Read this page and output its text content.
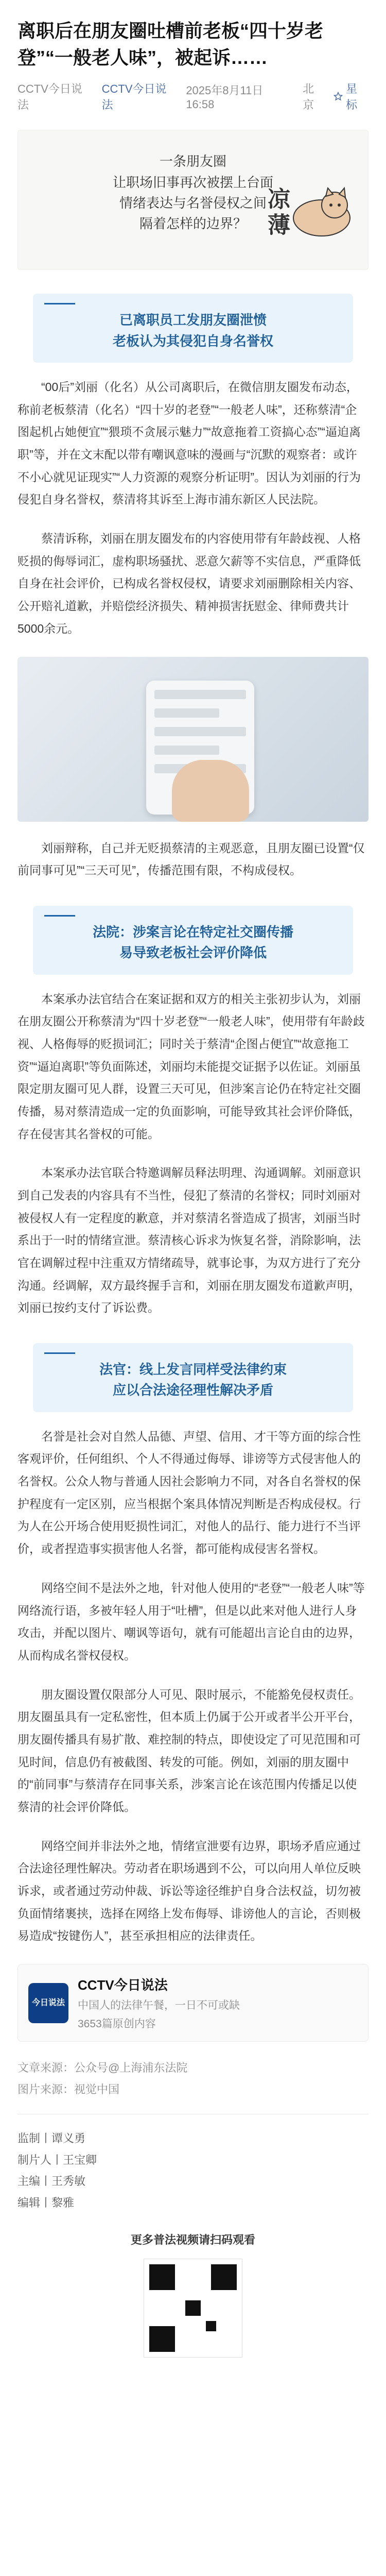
离职后在朋友圈吐槽前老板“四十岁老登”“一般老人味”，被起诉……
CCTV今日说法
CCTV今日说法
2025年8月11日 16:58
北京
星标
一条朋友圈
让职场旧事再次被摆上台面
情绪表达与名誉侵权之间
隔着怎样的边界？ 凉薄
已离职员工发朋友圈泄愤
老板认为其侵犯自身名誉权

“00后”刘丽（化名）从公司离职后，在微信朋友圈发布动态，称前老板蔡清（化名）“四十岁的老登”“一般老人味”，还称蔡清“企图起机占她便宜”“猥琐不贪展示魅力”“故意拖着工资搞心态”“逼迫离职”等，并在文末配以带有嘲讽意味的漫画与“沉默的观察者：或许不小心就见证现实”“人力资源的观察分析证明”。因认为刘丽的行为侵犯自身名誉权，蔡清将其诉至上海市浦东新区人民法院。

蔡清诉称，刘丽在朋友圈发布的内容使用带有年龄歧视、人格贬损的侮辱词汇，虚构职场骚扰、恶意欠薪等不实信息，严重降低自身在社会评价，已构成名誉权侵权，请要求刘丽删除相关内容、公开赔礼道歉，并赔偿经济损失、精神损害抚慰金、律师费共计5000余元。

刘丽辩称，自己并无贬损蔡清的主观恶意，且朋友圈已设置“仅前同事可见”“三天可见”，传播范围有限，不构成侵权。

法院：涉案言论在特定社交圈传播
易导致老板社会评价降低

本案承办法官结合在案证据和双方的相关主张初步认为，刘丽在朋友圈公开称蔡清为“四十岁老登”“一般老人味”，使用带有年龄歧视、人格侮辱的贬损词汇；同时关于蔡清“企图占便宜”“故意拖工资”“逼迫离职”等负面陈述，刘丽均未能提交证据予以佐证。刘丽虽限定朋友圈可见人群，设置三天可见，但涉案言论仍在特定社交圈传播，易对蔡清造成一定的负面影响，可能导致其社会评价降低，存在侵害其名誉权的可能。

本案承办法官联合特邀调解员释法明理、沟通调解。刘丽意识到自己发表的内容具有不当性，侵犯了蔡清的名誉权；同时刘丽对被侵权人有一定程度的歉意，并对蔡清名誉造成了损害，刘丽当时系出于一时的情绪宣泄。蔡清核心诉求为恢复名誉，消除影响，法官在调解过程中注重双方情绪疏导，就事论事，为双方进行了充分沟通。经调解，双方最终握手言和，刘丽在朋友圈发布道歉声明，刘丽已按约支付了诉讼费。

法官：线上发言同样受法律约束
应以合法途径理性解决矛盾

名誉是社会对自然人品德、声望、信用、才干等方面的综合性客观评价，任何组织、个人不得通过侮辱、诽谤等方式侵害他人的名誉权。公众人物与普通人因社会影响力不同，对各自名誉权的保护程度有一定区别，应当根据个案具体情况判断是否构成侵权。行为人在公开场合使用贬损性词汇，对他人的品行、能力进行不当评价，或者捏造事实损害他人名誉，都可能构成侵害名誉权。

网络空间不是法外之地，针对他人使用的“老登”“一般老人味”等网络流行语，多被年轻人用于“吐槽”，但是以此来对他人进行人身攻击，并配以图片、嘲讽等语句，就有可能超出言论自由的边界，从而构成名誉权侵权。

朋友圈设置仅限部分人可见、限时展示，不能豁免侵权责任。朋友圈虽具有一定私密性，但本质上仍属于公开或者半公开平台，朋友圈传播具有易扩散、难控制的特点，即使设定了可见范围和可见时间，信息仍有被截图、转发的可能。例如，刘丽的朋友圈中的“前同事”与蔡清存在同事关系，涉案言论在该范围内传播足以使蔡清的社会评价降低。

网络空间并非法外之地，情绪宣泄要有边界，职场矛盾应通过合法途径理性解决。劳动者在职场遇到不公，可以向用人单位反映诉求，或者通过劳动仲裁、诉讼等途径维护自身合法权益，切勿被负面情绪裹挟，选择在网络上发布侮辱、诽谤他人的言论，否则极易造成“按键伤人”，甚至承担相应的法律责任。

今日说法
CCTV今日说法
中国人的法律午餐，一日不可或缺
3653篇原创内容
文章来源：公众号@上海浦东法院
图片来源：视觉中国
监制丨谭义勇
制片人丨王宝卿
主编丨王秀敏
编辑丨黎雅
更多普法视频请扫码观看
